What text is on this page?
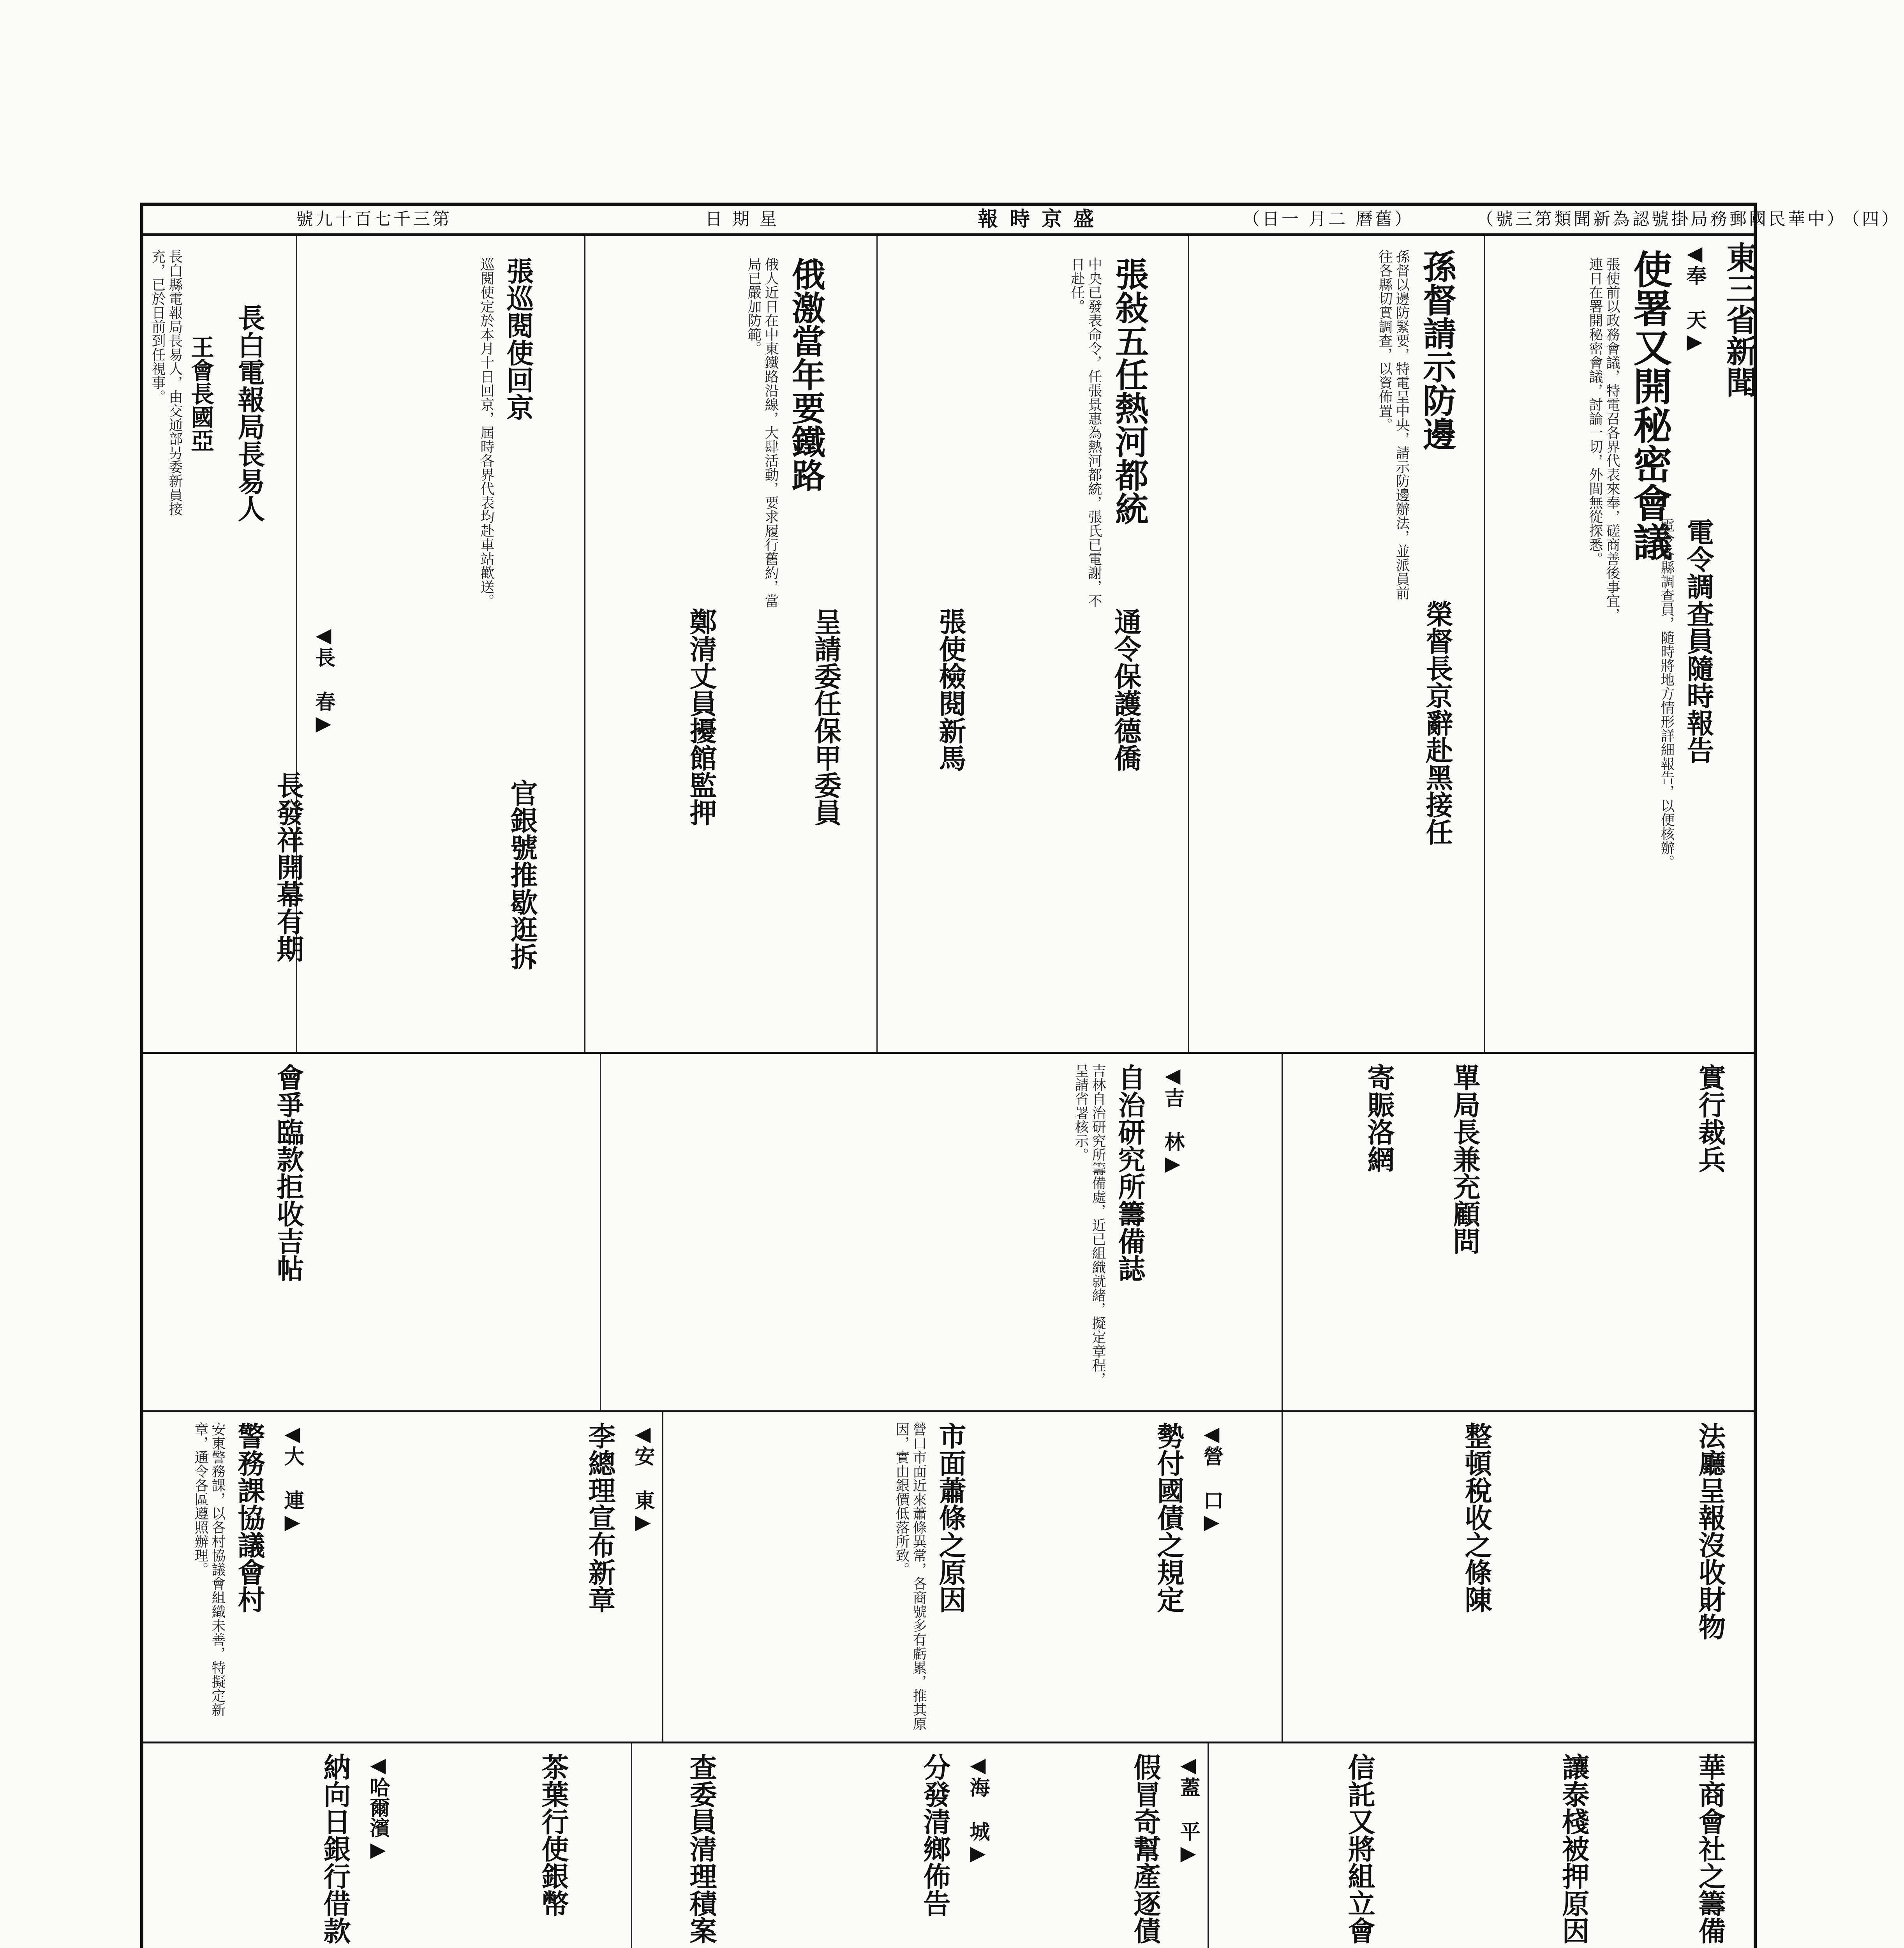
（四）
（號三第類聞新為認號掛局務郵國民華中）
（日一 月二 曆舊）
報 時 京 盛
日 期 星
號九十百七千三第
東三省新聞
◀奉 天▶
使署又開秘密會議
張使前以政務會議，特電召各界代表來奉，磋商善後事宜，連日在署開秘密會議，討論一切，外間無從探悉。
孫督請示防邊
孫督以邊防緊要，特電呈中央，請示防邊辦法，並派員前往各縣切實調查，以資佈置。
張敍五任熱河都統
中央已發表命令，任張景惠為熱河都統，張氏已電謝，不日赴任。
俄激當年要鐵路
俄人近日在中東鐵路沿線，大肆活動，要求履行舊約，當局已嚴加防範。
張巡閱使回京
巡閱使定於本月十日回京，屆時各界代表均赴車站歡送。
長白電報局長易人
王會長國亞
長白縣電報局長易人，由交通部另委新員接充，已於日前到任視事。
電令調查員隨時報告
電令各縣調查員，隨時將地方情形詳細報告，以便核辦。
榮督長京辭赴黑接任
通令保護德僑
張使檢閱新馬
呈請委任保甲委員
鄭清丈員擾館監押
官銀號推歇逛拆
◀長 春▶
長發祥開幕有期
實行裁兵
單局長兼充顧問
寄賑洛網
◀吉 林▶
自治研究所籌備誌
吉林自治研究所籌備處，近已組織就緒，擬定章程，呈請省署核示。
會爭臨款拒收吉帖
法廳呈報沒收財物
整頓稅收之條陳
◀營 口▶
勢付國債之規定
市面蕭條之原因
營口市面近來蕭條異常，各商號多有虧累，推其原因，實由銀價低落所致。
◀安 東▶
李總理宣布新章
◀大 連▶
警務課協議會村
安東警務課，以各村協議會組織未善，特擬定新章，通令各區遵照辦理。
華商會社之籌備
讓泰棧被押原因
信託又將組立會
◀蓋 平▶
假冒奇幫產逐債
◀海 城▶
分發清鄉佈告
查委員清理積案
茶葉行使銀幣
◀哈爾濱▶
納向日銀行借款
